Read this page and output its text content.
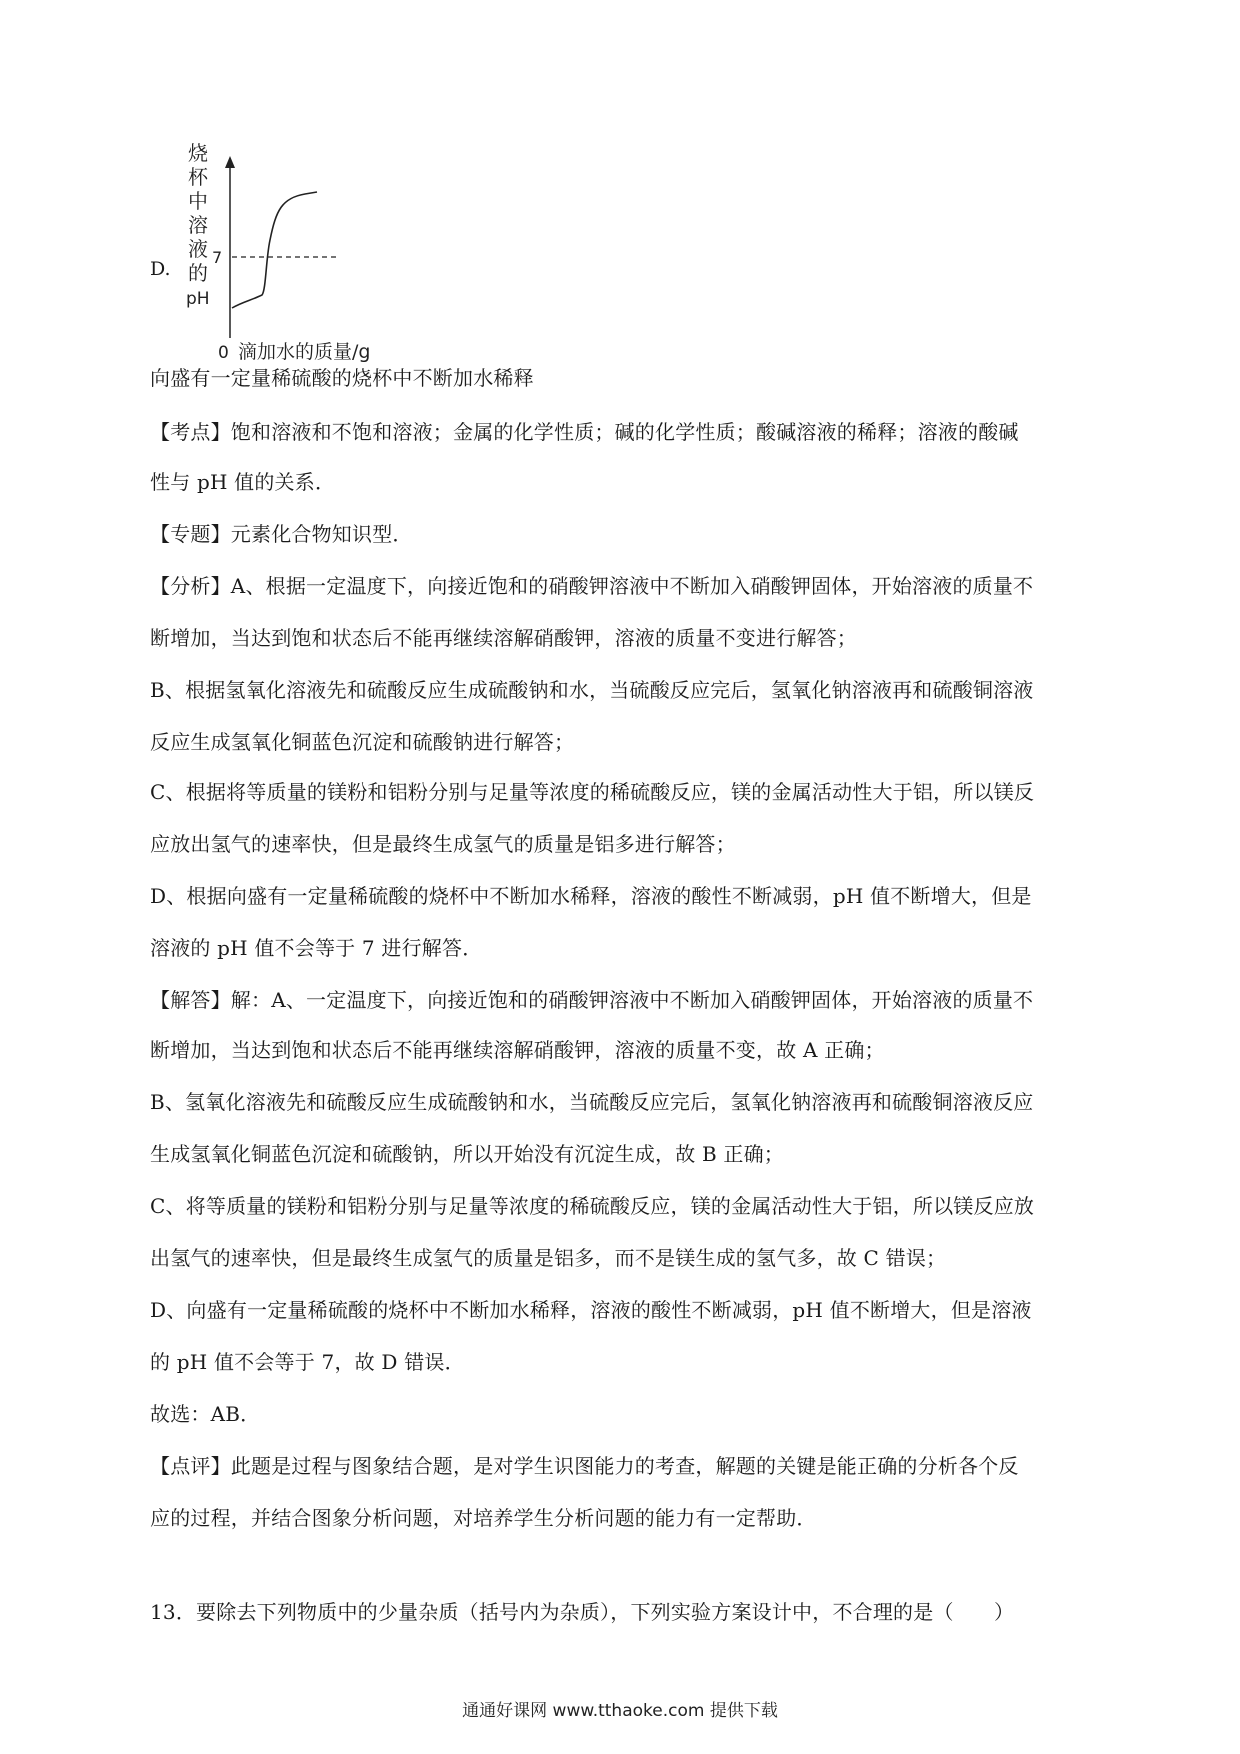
D.
烧杯中溶液的 pH
7
0 滴加水的质量/g
向盛有一定量稀硫酸的烧杯中不断加水稀释
【考点】饱和溶液和不饱和溶液；金属的化学性质；碱的化学性质；酸碱溶液的稀释；溶液的酸碱
性与 pH 值的关系．
【专题】元素化合物知识型．
【分析】A、根据一定温度下，向接近饱和的硝酸钾溶液中不断加入硝酸钾固体，开始溶液的质量不
断增加，当达到饱和状态后不能再继续溶解硝酸钾，溶液的质量不变进行解答；
B、根据氢氧化溶液先和硫酸反应生成硫酸钠和水，当硫酸反应完后，氢氧化钠溶液再和硫酸铜溶液
反应生成氢氧化铜蓝色沉淀和硫酸钠进行解答；
C、根据将等质量的镁粉和铝粉分别与足量等浓度的稀硫酸反应，镁的金属活动性大于铝，所以镁反
应放出氢气的速率快，但是最终生成氢气的质量是铝多进行解答；
D、根据向盛有一定量稀硫酸的烧杯中不断加水稀释，溶液的酸性不断减弱，pH 值不断增大，但是
溶液的 pH 值不会等于 7 进行解答．
【解答】解：A、一定温度下，向接近饱和的硝酸钾溶液中不断加入硝酸钾固体，开始溶液的质量不
断增加，当达到饱和状态后不能再继续溶解硝酸钾，溶液的质量不变，故 A 正确；
B、氢氧化溶液先和硫酸反应生成硫酸钠和水，当硫酸反应完后，氢氧化钠溶液再和硫酸铜溶液反应
生成氢氧化铜蓝色沉淀和硫酸钠，所以开始没有沉淀生成，故 B 正确；
C、将等质量的镁粉和铝粉分别与足量等浓度的稀硫酸反应，镁的金属活动性大于铝，所以镁反应放
出氢气的速率快，但是最终生成氢气的质量是铝多，而不是镁生成的氢气多，故 C 错误；
D、向盛有一定量稀硫酸的烧杯中不断加水稀释，溶液的酸性不断减弱，pH 值不断增大，但是溶液
的 pH 值不会等于 7，故 D 错误．
故选：AB．
【点评】此题是过程与图象结合题，是对学生识图能力的考查，解题的关键是能正确的分析各个反
应的过程，并结合图象分析问题，对培养学生分析问题的能力有一定帮助．
13．要除去下列物质中的少量杂质（括号内为杂质），下列实验方案设计中，不合理的是（　　）
通通好课网 www.tthaoke.com 提供下载
